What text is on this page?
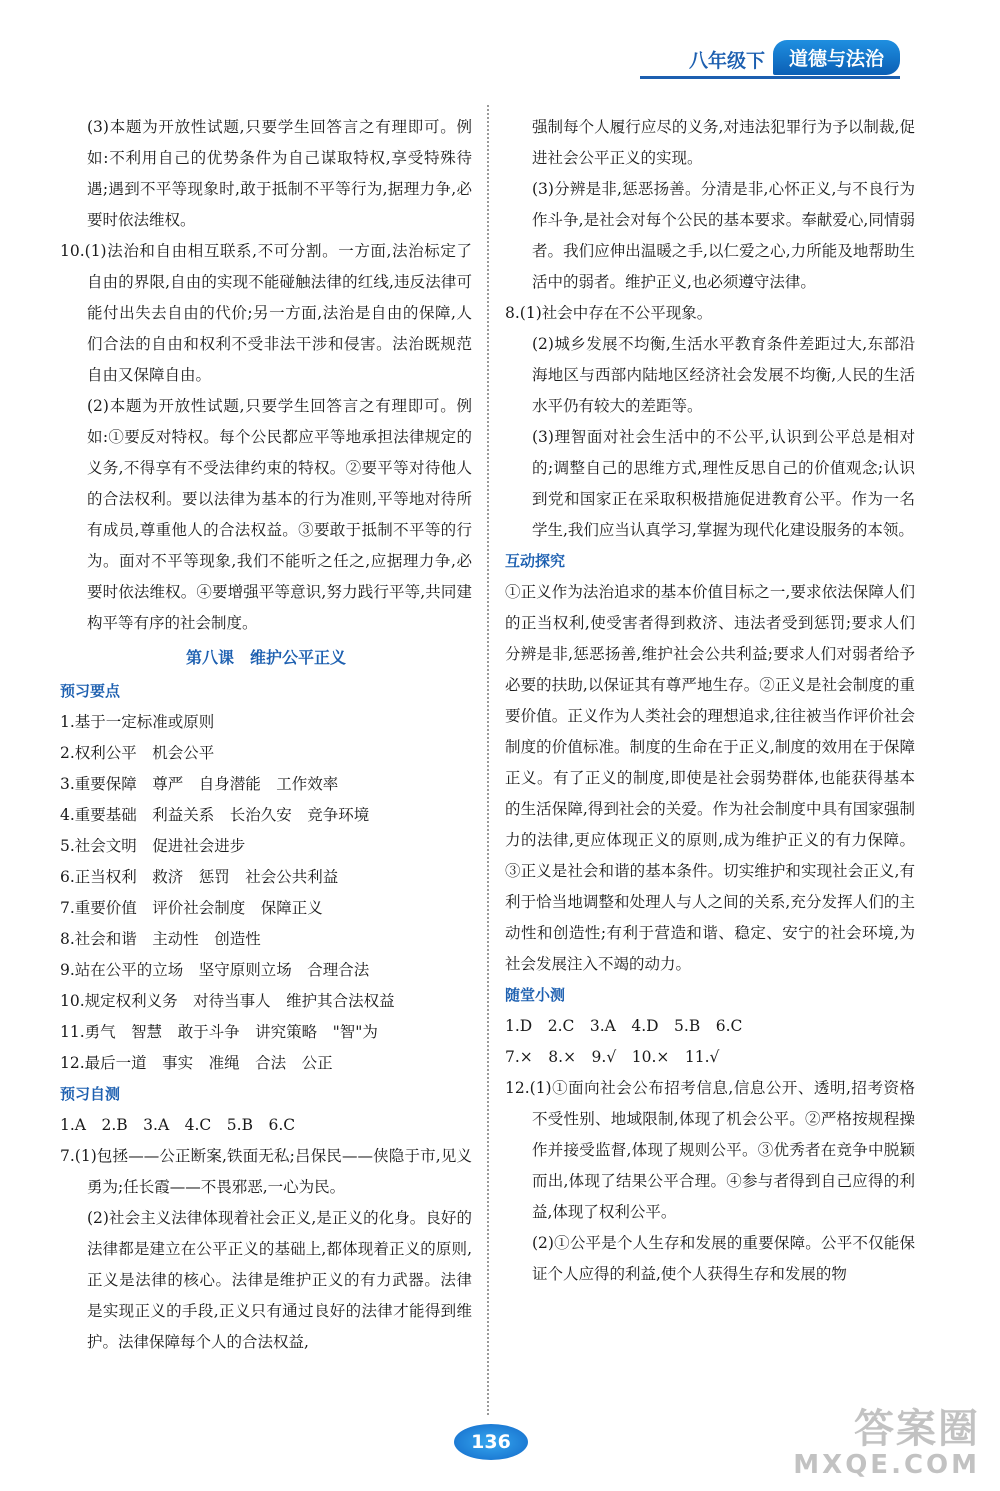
八年级下	道德与法治
(3)本题为开放性试题,只要学生回答言之有理即可。例如:不利用自己的优势条件为自己谋取特权,享受特殊待遇;遇到不平等现象时,敢于抵制不平等行为,据理力争,必要时依法维权。
10.(1)法治和自由相互联系,不可分割。一方面,法治标定了自由的界限,自由的实现不能碰触法律的红线,违反法律可能付出失去自由的代价;另一方面,法治是自由的保障,人们合法的自由和权利不受非法干涉和侵害。法治既规范自由又保障自由。
(2)本题为开放性试题,只要学生回答言之有理即可。例如:①要反对特权。每个公民都应平等地承担法律规定的义务,不得享有不受法律约束的特权。②要平等对待他人的合法权利。要以法律为基本的行为准则,平等地对待所有成员,尊重他人的合法权益。③要敢于抵制不平等的行为。面对不平等现象,我们不能听之任之,应据理力争,必要时依法维权。④要增强平等意识,努力践行平等,共同建构平等有序的社会制度。
第八课　维护公平正义
预习要点
1.基于一定标准或原则
2.权利公平　机会公平
3.重要保障　尊严　自身潜能　工作效率
4.重要基础　利益关系　长治久安　竞争环境
5.社会文明　促进社会进步
6.正当权利　救济　惩罚　社会公共利益
7.重要价值　评价社会制度　保障正义
8.社会和谐　主动性　创造性
9.站在公平的立场　坚守原则立场　合理合法
10.规定权利义务　对待当事人　维护其合法权益
11.勇气　智慧　敢于斗争　讲究策略　"智"为
12.最后一道　事实　准绳　合法　公正
预习自测
1.A　2.B　3.A　4.C　5.B　6.C
7.(1)包拯——公正断案,铁面无私;吕保民——侠隐于市,见义勇为;任长霞——不畏邪恶,一心为民。
(2)社会主义法律体现着社会正义,是正义的化身。良好的法律都是建立在公平正义的基础上,都体现着正义的原则,正义是法律的核心。法律是维护正义的有力武器。法律是实现正义的手段,正义只有通过良好的法律才能得到维护。法律保障每个人的合法权益,
强制每个人履行应尽的义务,对违法犯罪行为予以制裁,促进社会公平正义的实现。
(3)分辨是非,惩恶扬善。分清是非,心怀正义,与不良行为作斗争,是社会对每个公民的基本要求。奉献爱心,同情弱者。我们应伸出温暖之手,以仁爱之心,力所能及地帮助生活中的弱者。维护正义,也必须遵守法律。
8.(1)社会中存在不公平现象。
(2)城乡发展不均衡,生活水平教育条件差距过大,东部沿海地区与西部内陆地区经济社会发展不均衡,人民的生活水平仍有较大的差距等。
(3)理智面对社会生活中的不公平,认识到公平总是相对的;调整自己的思维方式,理性反思自己的价值观念;认识到党和国家正在采取积极措施促进教育公平。作为一名学生,我们应当认真学习,掌握为现代化建设服务的本领。
互动探究
①正义作为法治追求的基本价值目标之一,要求依法保障人们的正当权利,使受害者得到救济、违法者受到惩罚;要求人们分辨是非,惩恶扬善,维护社会公共利益;要求人们对弱者给予必要的扶助,以保证其有尊严地生存。②正义是社会制度的重要价值。正义作为人类社会的理想追求,往往被当作评价社会制度的价值标准。制度的生命在于正义,制度的效用在于保障正义。有了正义的制度,即使是社会弱势群体,也能获得基本的生活保障,得到社会的关爱。作为社会制度中具有国家强制力的法律,更应体现正义的原则,成为维护正义的有力保障。③正义是社会和谐的基本条件。切实维护和实现社会正义,有利于恰当地调整和处理人与人之间的关系,充分发挥人们的主动性和创造性;有利于营造和谐、稳定、安宁的社会环境,为社会发展注入不竭的动力。
随堂小测
1.D　2.C　3.A　4.D　5.B　6.C
7.×　8.×　9.√　10.×　11.√
12.(1)①面向社会公布招考信息,信息公开、透明,招考资格不受性别、地域限制,体现了机会公平。②严格按规程操作并接受监督,体现了规则公平。③优秀者在竞争中脱颖而出,体现了结果公平合理。④参与者得到自己应得的利益,体现了权利公平。
(2)①公平是个人生存和发展的重要保障。公平不仅能保证个人应得的利益,使个人获得生存和发展的物
136	答案圈
MXQE.COM
